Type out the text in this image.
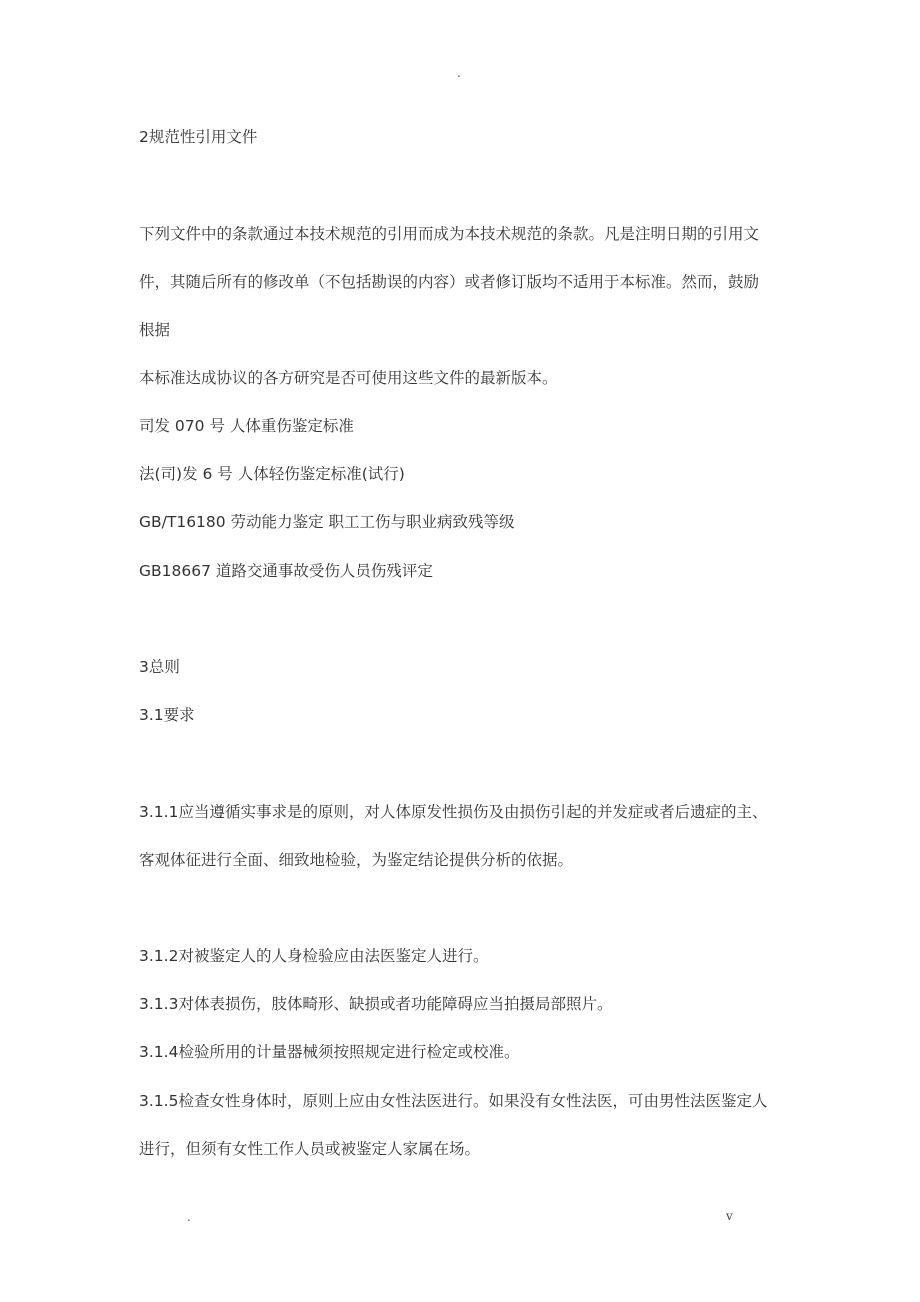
.
2规范性引用文件
下列文件中的条款通过本技术规范的引用而成为本技术规范的条款。凡是注明日期的引用文
件，其随后所有的修改单（不包括勘误的内容）或者修订版均不适用于本标准。然而，鼓励
根据
本标准达成协议的各方研究是否可使用这些文件的最新版本。
司发 070 号 人体重伤鉴定标准
法(司)发 6 号 人体轻伤鉴定标准(试行)
GB/T16180 劳动能力鉴定 职工工伤与职业病致残等级
GB18667 道路交通事故受伤人员伤残评定
3总则
3.1要求
3.1.1应当遵循实事求是的原则，对人体原发性损伤及由损伤引起的并发症或者后遗症的主、
客观体征进行全面、细致地检验，为鉴定结论提供分析的依据。
3.1.2对被鉴定人的人身检验应由法医鉴定人进行。
3.1.3对体表损伤，肢体畸形、缺损或者功能障碍应当拍摄局部照片。
3.1.4检验所用的计量器械须按照规定进行检定或校准。
3.1.5检查女性身体时，原则上应由女性法医进行。如果没有女性法医，可由男性法医鉴定人
进行，但须有女性工作人员或被鉴定人家属在场。
.	v
